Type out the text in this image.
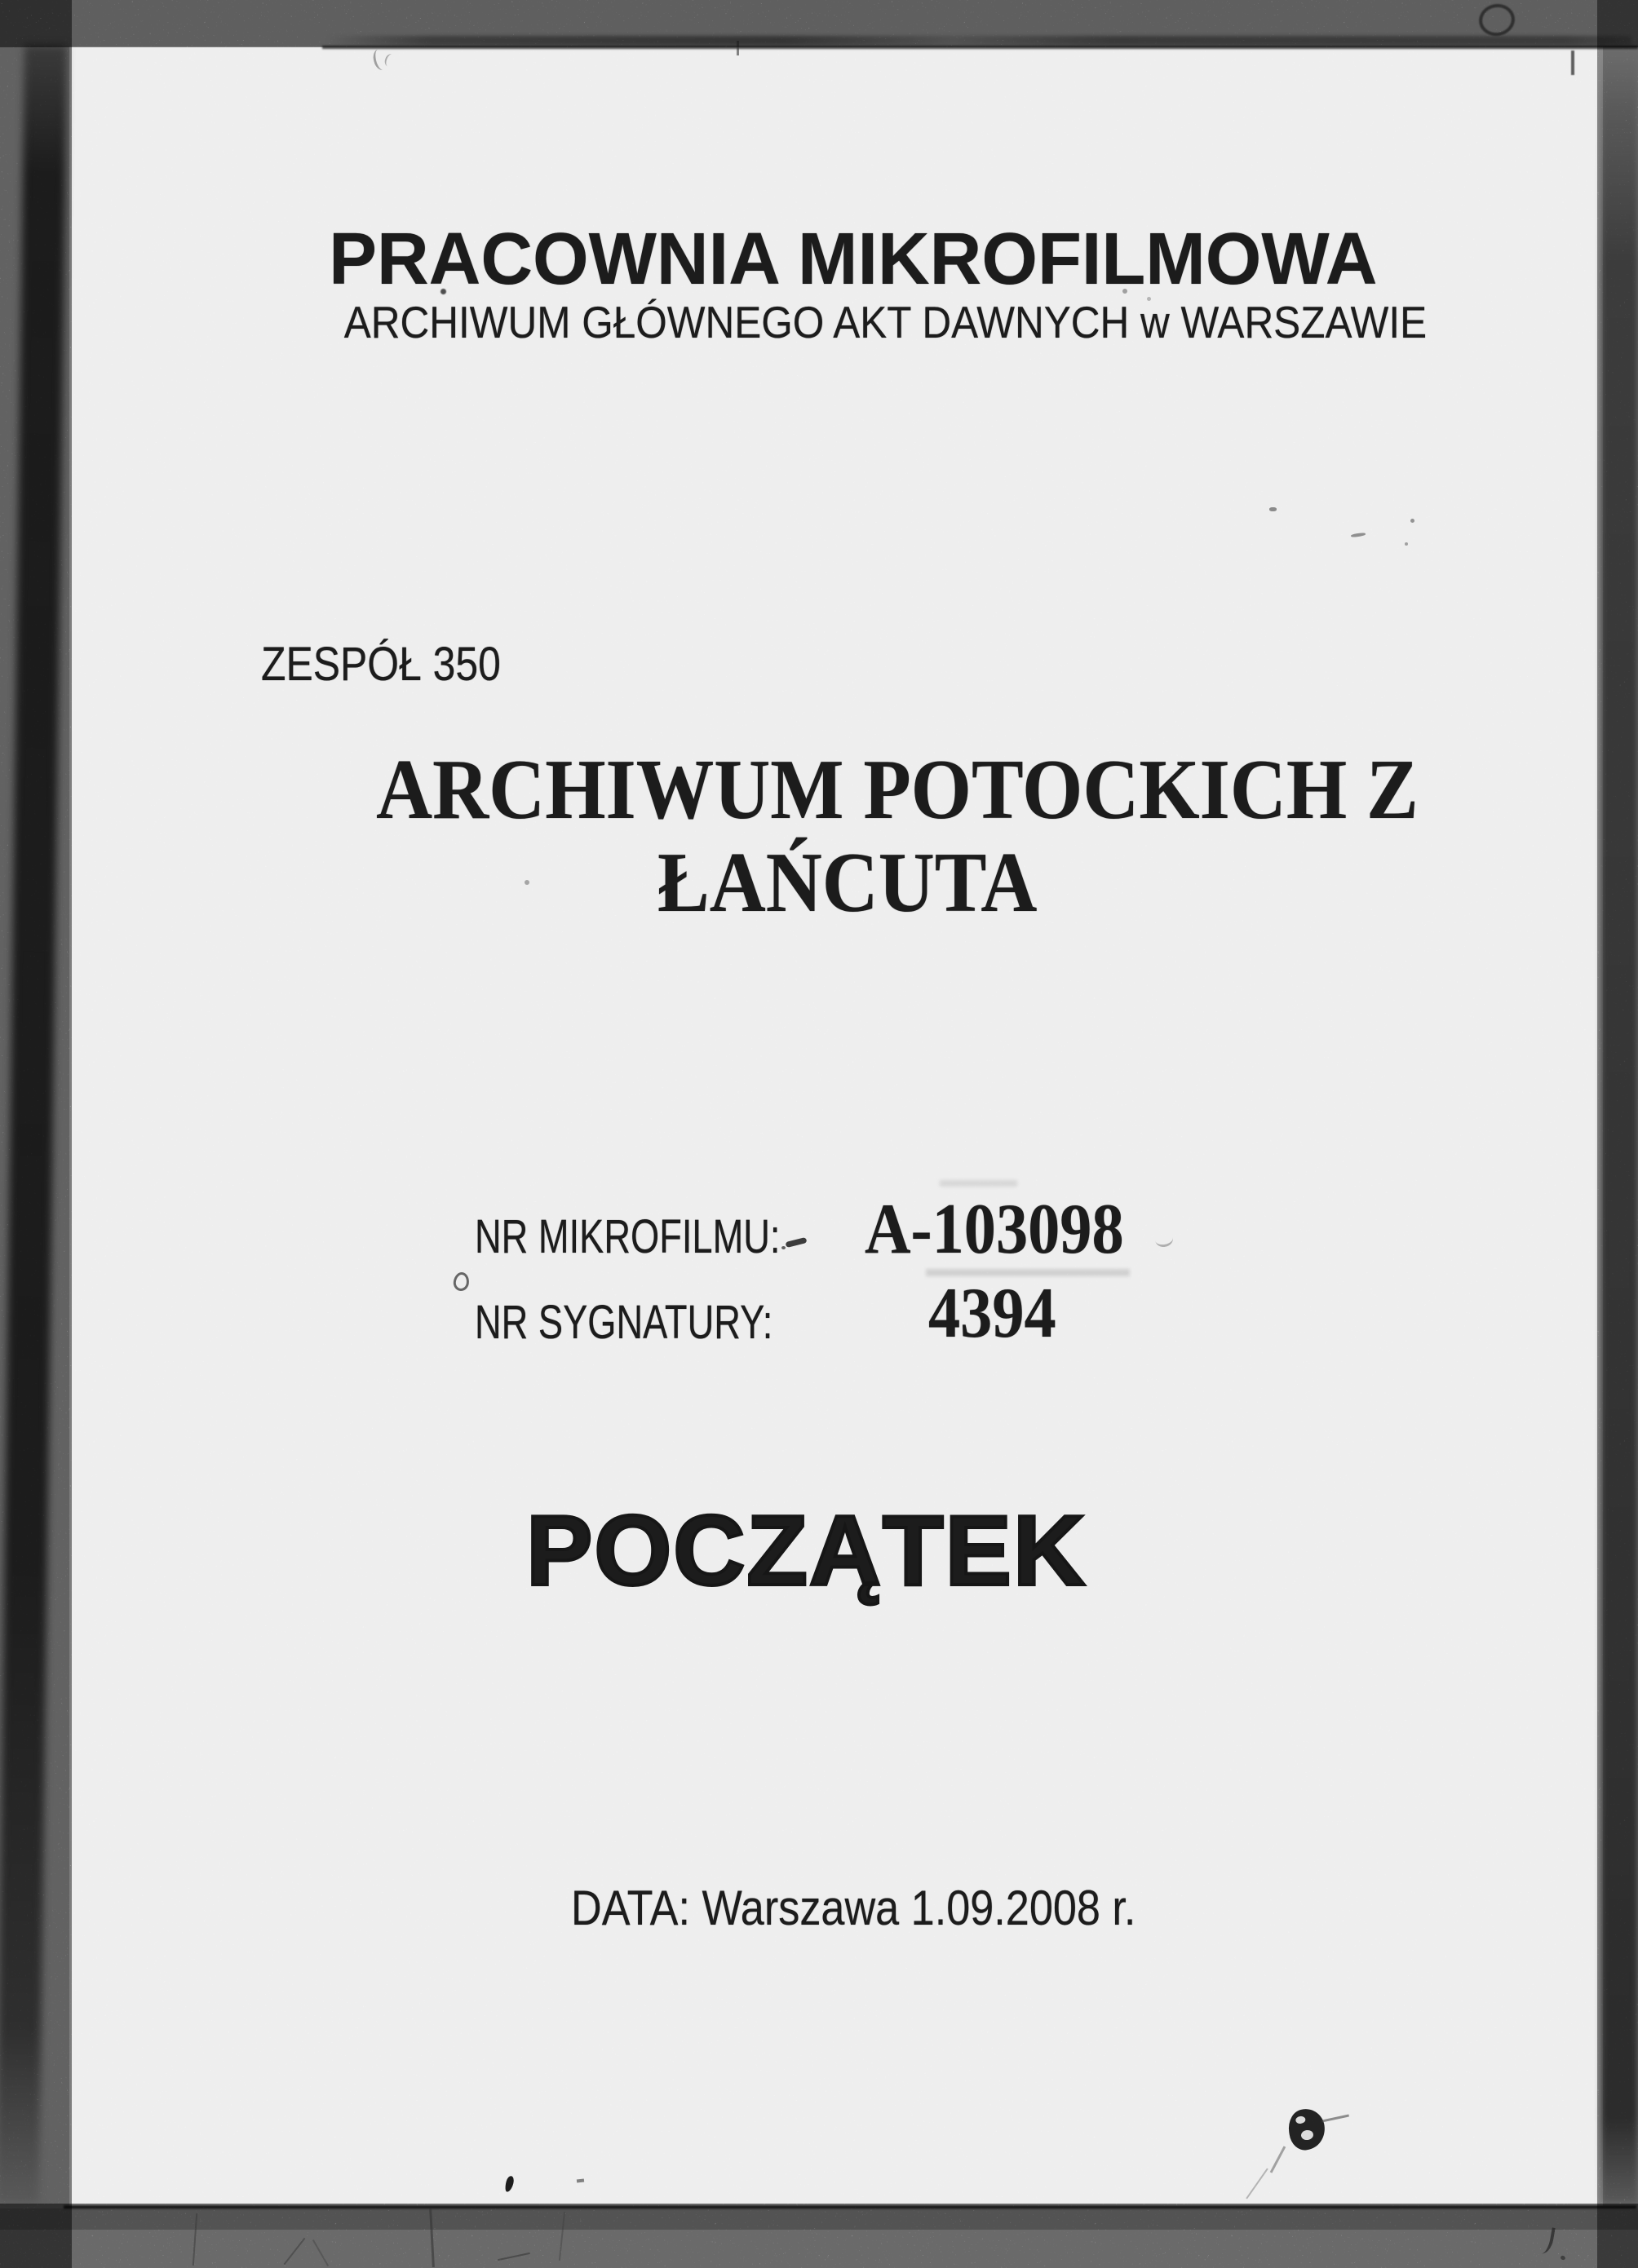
PRACOWNIA MIKROFILMOWA
ARCHIWUM GŁÓWNEGO AKT DAWNYCH w WARSZAWIE
ZESPÓŁ 350
ARCHIWUM POTOCKICH Z
ŁAŃCUTA
NR MIKROFILMU:	A-103098
NR SYGNATURY:	4394
POCZĄTEK
DATA: Warszawa 1.09.2008 r.
